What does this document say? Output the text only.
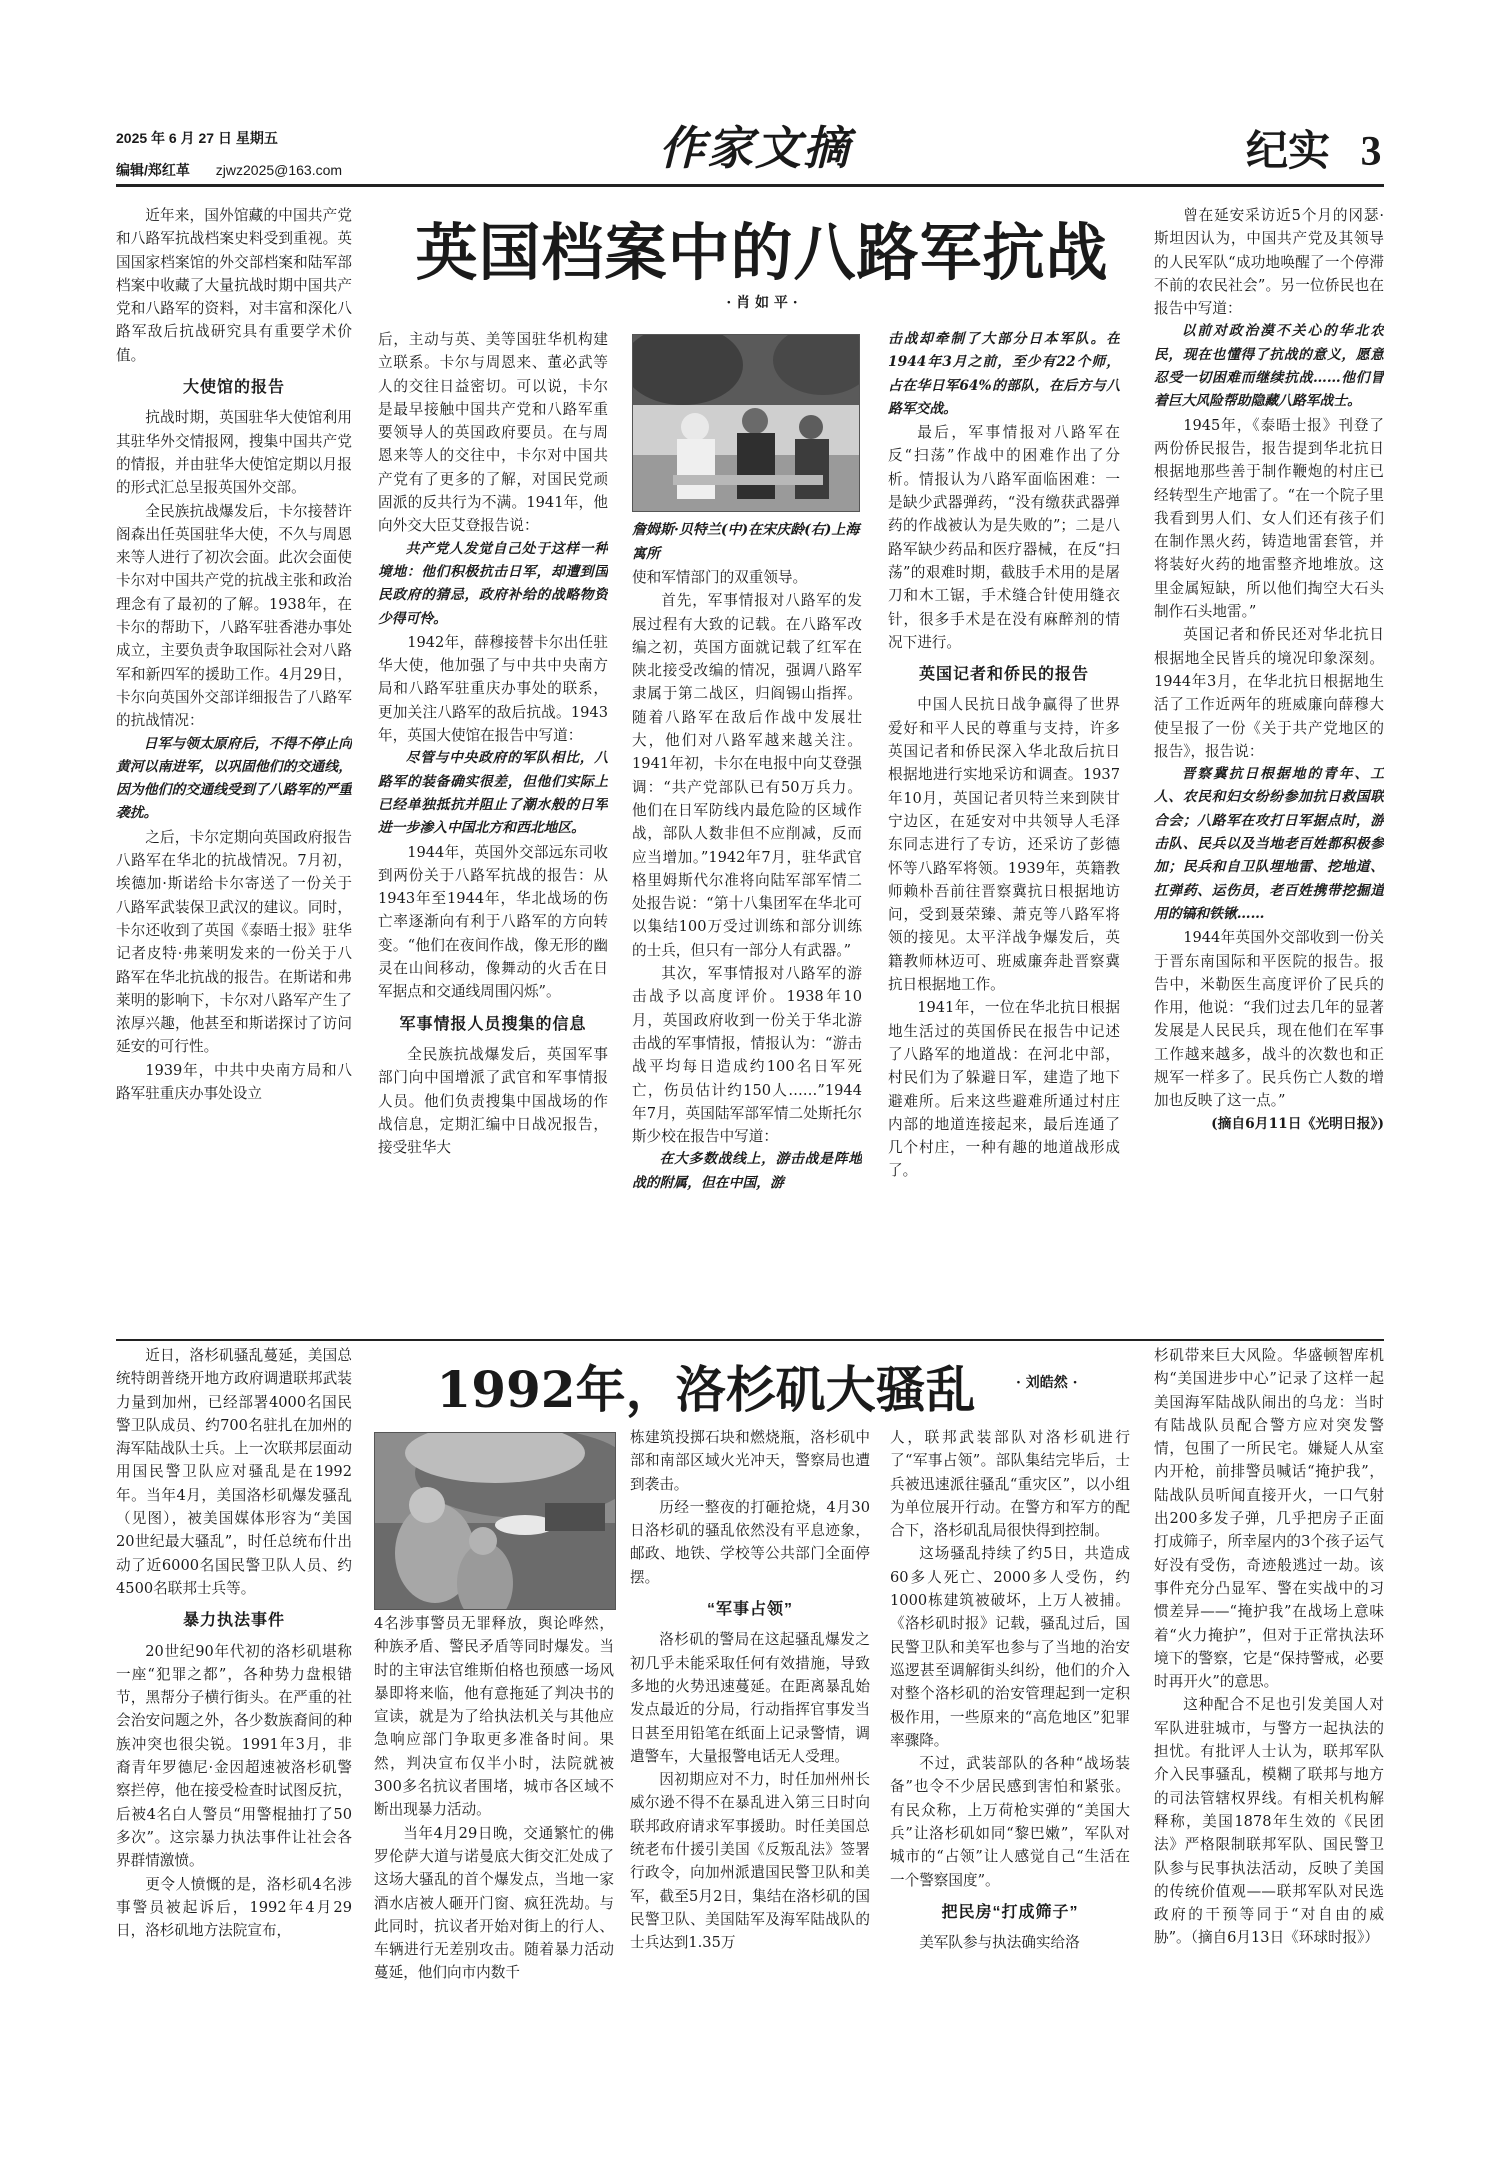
2025 年 6 月 27 日 星期五
编辑/郑红革 zjwz2025@163.com	作家文摘	纪实 3
英国档案中的八路军抗战
· 肖 如 平 ·

近年来，国外馆藏的中国共产党和八路军抗战档案史料受到重视。英国国家档案馆的外交部档案和陆军部档案中收藏了大量抗战时期中国共产党和八路军的资料，对丰富和深化八路军敌后抗战研究具有重要学术价值。

大使馆的报告

抗战时期，英国驻华大使馆利用其驻华外交情报网，搜集中国共产党的情报，并由驻华大使馆定期以月报的形式汇总呈报英国外交部。

全民族抗战爆发后，卡尔接替许阁森出任英国驻华大使，不久与周恩来等人进行了初次会面。此次会面使卡尔对中国共产党的抗战主张和政治理念有了最初的了解。1938年，在卡尔的帮助下，八路军驻香港办事处成立，主要负责争取国际社会对八路军和新四军的援助工作。4月29日，卡尔向英国外交部详细报告了八路军的抗战情况：

日军与领太原府后，不得不停止向黄河以南进军，以巩固他们的交通线，因为他们的交通线受到了八路军的严重袭扰。

之后，卡尔定期向英国政府报告八路军在华北的抗战情况。7月初，埃德加·斯诺给卡尔寄送了一份关于八路军武装保卫武汉的建议。同时，卡尔还收到了英国《泰晤士报》驻华记者皮特·弗莱明发来的一份关于八路军在华北抗战的报告。在斯诺和弗莱明的影响下，卡尔对八路军产生了浓厚兴趣，他甚至和斯诺探讨了访问延安的可行性。

1939年，中共中央南方局和八路军驻重庆办事处设立

后，主动与英、美等国驻华机构建立联系。卡尔与周恩来、董必武等人的交往日益密切。可以说，卡尔是最早接触中国共产党和八路军重要领导人的英国政府要员。在与周恩来等人的交往中，卡尔对中国共产党有了更多的了解，对国民党顽固派的反共行为不满。1941年，他向外交大臣艾登报告说：

共产党人发觉自己处于这样一种境地：他们积极抗击日军，却遭到国民政府的猜忌，政府补给的战略物资少得可怜。

1942年，薛穆接替卡尔出任驻华大使，他加强了与中共中央南方局和八路军驻重庆办事处的联系，更加关注八路军的敌后抗战。1943年，英国大使馆在报告中写道：

尽管与中央政府的军队相比，八路军的装备确实很差，但他们实际上已经单独抵抗并阻止了潮水般的日军进一步渗入中国北方和西北地区。

1944年，英国外交部远东司收到两份关于八路军抗战的报告：从1943年至1944年，华北战场的伤亡率逐渐向有利于八路军的方向转变。“他们在夜间作战，像无形的幽灵在山间移动，像舞动的火舌在日军据点和交通线周围闪烁”。

军事情报人员搜集的信息

全民族抗战爆发后，英国军事部门向中国增派了武官和军事情报人员。他们负责搜集中国战场的作战信息，定期汇编中日战况报告，接受驻华大

詹姆斯·贝特兰(中)在宋庆龄(右)上海寓所

使和军情部门的双重领导。

首先，军事情报对八路军的发展过程有大致的记载。在八路军改编之初，英国方面就记载了红军在陕北接受改编的情况，强调八路军隶属于第二战区，归阎锡山指挥。随着八路军在敌后作战中发展壮大，他们对八路军越来越关注。1941年初，卡尔在电报中向艾登强调：“共产党部队已有50万兵力。他们在日军防线内最危险的区域作战，部队人数非但不应削减，反而应当增加。”1942年7月，驻华武官格里姆斯代尔准将向陆军部军情二处报告说：“第十八集团军在华北可以集结100万受过训练和部分训练的士兵，但只有一部分人有武器。”

其次，军事情报对八路军的游击战予以高度评价。1938年10月，英国政府收到一份关于华北游击战的军事情报，情报认为：“游击战平均每日造成约100名日军死亡，伤员估计约150人……”1944年7月，英国陆军部军情二处斯托尔斯少校在报告中写道：

在大多数战线上，游击战是阵地战的附属，但在中国，游

击战却牵制了大部分日本军队。在1944年3月之前，至少有22个师，占在华日军64%的部队，在后方与八路军交战。

最后，军事情报对八路军在反“扫荡”作战中的困难作出了分析。情报认为八路军面临困难：一是缺少武器弹药，“没有缴获武器弹药的作战被认为是失败的”；二是八路军缺少药品和医疗器械，在反“扫荡”的艰难时期，截肢手术用的是屠刀和木工锯，手术缝合针使用缝衣针，很多手术是在没有麻醉剂的情况下进行。

英国记者和侨民的报告

中国人民抗日战争赢得了世界爱好和平人民的尊重与支持，许多英国记者和侨民深入华北敌后抗日根据地进行实地采访和调查。1937年10月，英国记者贝特兰来到陕甘宁边区，在延安对中共领导人毛泽东同志进行了专访，还采访了彭德怀等八路军将领。1939年，英籍教师赖朴吾前往晋察冀抗日根据地访问，受到聂荣臻、萧克等八路军将领的接见。太平洋战争爆发后，英籍教师林迈可、班威廉奔赴晋察冀抗日根据地工作。

1941年，一位在华北抗日根据地生活过的英国侨民在报告中记述了八路军的地道战：在河北中部，村民们为了躲避日军，建造了地下避难所。后来这些避难所通过村庄内部的地道连接起来，最后连通了几个村庄，一种有趣的地道战形成了。

曾在延安采访近5个月的冈瑟·斯坦因认为，中国共产党及其领导的人民军队“成功地唤醒了一个停滞不前的农民社会”。另一位侨民也在报告中写道：

以前对政治漠不关心的华北农民，现在也懂得了抗战的意义，愿意忍受一切困难而继续抗战……他们冒着巨大风险帮助隐藏八路军战士。

1945年，《泰晤士报》刊登了两份侨民报告，报告提到华北抗日根据地那些善于制作鞭炮的村庄已经转型生产地雷了。“在一个院子里我看到男人们、女人们还有孩子们在制作黑火药，铸造地雷套管，并将装好火药的地雷整齐地堆放。这里金属短缺，所以他们掏空大石头制作石头地雷。”

英国记者和侨民还对华北抗日根据地全民皆兵的境况印象深刻。1944年3月，在华北抗日根据地生活了工作近两年的班威廉向薛穆大使呈报了一份《关于共产党地区的报告》，报告说：

晋察冀抗日根据地的青年、工人、农民和妇女纷纷参加抗日救国联合会；八路军在攻打日军据点时，游击队、民兵以及当地老百姓都积极参加；民兵和自卫队埋地雷、挖地道、扛弹药、运伤员，老百姓携带挖掘道用的镐和铁锹……

1944年英国外交部收到一份关于晋东南国际和平医院的报告。报告中，米勒医生高度评价了民兵的作用，他说：“我们过去几年的显著发展是人民民兵，现在他们在军事工作越来越多，战斗的次数也和正规军一样多了。民兵伤亡人数的增加也反映了这一点。”

(摘自6月11日《光明日报》)

1992年，洛杉矶大骚乱	· 刘皓然 ·

近日，洛杉矶骚乱蔓延，美国总统特朗普绕开地方政府调遣联邦武装力量到加州，已经部署4000名国民警卫队成员、约700名驻扎在加州的海军陆战队士兵。上一次联邦层面动用国民警卫队应对骚乱是在1992年。当年4月，美国洛杉矶爆发骚乱（见图），被美国媒体形容为“美国20世纪最大骚乱”，时任总统布什出动了近6000名国民警卫队人员、约4500名联邦士兵等。

暴力执法事件

20世纪90年代初的洛杉矶堪称一座“犯罪之都”，各种势力盘根错节，黑帮分子横行街头。在严重的社会治安问题之外，各少数族裔间的种族冲突也很尖锐。1991年3月，非裔青年罗德尼·金因超速被洛杉矶警察拦停，他在接受检查时试图反抗，后被4名白人警员“用警棍抽打了50多次”。这宗暴力执法事件让社会各界群情激愤。

更令人愤慨的是，洛杉矶4名涉事警员被起诉后，1992年4月29日，洛杉矶地方法院宣布，

4名涉事警员无罪释放，舆论哗然，种族矛盾、警民矛盾等同时爆发。当时的主审法官维斯伯格也预感一场风暴即将来临，他有意拖延了判决书的宣读，就是为了给执法机关与其他应急响应部门争取更多准备时间。果然，判决宣布仅半小时，法院就被300多名抗议者围堵，城市各区域不断出现暴力活动。

当年4月29日晚，交通繁忙的佛罗伦萨大道与诺曼底大街交汇处成了这场大骚乱的首个爆发点，当地一家酒水店被人砸开门窗、疯狂洗劫。与此同时，抗议者开始对街上的行人、车辆进行无差别攻击。随着暴力活动蔓延，他们向市内数千

栋建筑投掷石块和燃烧瓶，洛杉矶中部和南部区域火光冲天，警察局也遭到袭击。

历经一整夜的打砸抢烧，4月30日洛杉矶的骚乱依然没有平息迹象，邮政、地铁、学校等公共部门全面停摆。

“军事占领”

洛杉矶的警局在这起骚乱爆发之初几乎未能采取任何有效措施，导致多地的火势迅速蔓延。在距离暴乱始发点最近的分局，行动指挥官事发当日甚至用铅笔在纸面上记录警情，调遣警车，大量报警电话无人受理。

因初期应对不力，时任加州州长威尔逊不得不在暴乱进入第三日时向联邦政府请求军事援助。时任美国总统老布什援引美国《反叛乱法》签署行政令，向加州派遣国民警卫队和美军，截至5月2日，集结在洛杉矶的国民警卫队、美国陆军及海军陆战队的士兵达到1.35万

人，联邦武装部队对洛杉矶进行了“军事占领”。部队集结完毕后，士兵被迅速派往骚乱“重灾区”，以小组为单位展开行动。在警方和军方的配合下，洛杉矶乱局很快得到控制。

这场骚乱持续了约5日，共造成60多人死亡、2000多人受伤，约1000栋建筑被破坏，上万人被捕。《洛杉矶时报》记载，骚乱过后，国民警卫队和美军也参与了当地的治安巡逻甚至调解街头纠纷，他们的介入对整个洛杉矶的治安管理起到一定积极作用，一些原来的“高危地区”犯罪率骤降。

不过，武装部队的各种“战场装备”也令不少居民感到害怕和紧张。有民众称，上万荷枪实弹的“美国大兵”让洛杉矶如同“黎巴嫩”，军队对城市的“占领”让人感觉自己“生活在一个警察国度”。

把民房“打成筛子”

美军队参与执法确实给洛

杉矶带来巨大风险。华盛顿智库机构“美国进步中心”记录了这样一起美国海军陆战队闹出的乌龙：当时有陆战队员配合警方应对突发警情，包围了一所民宅。嫌疑人从室内开枪，前排警员喊话“掩护我”，陆战队员听闻直接开火，一口气射出200多发子弹，几乎把房子正面打成筛子，所幸屋内的3个孩子运气好没有受伤，奇迹般逃过一劫。该事件充分凸显军、警在实战中的习惯差异——“掩护我”在战场上意味着“火力掩护”，但对于正常执法环境下的警察，它是“保持警戒，必要时再开火”的意思。

这种配合不足也引发美国人对军队进驻城市，与警方一起执法的担忧。有批评人士认为，联邦军队介入民事骚乱，模糊了联邦与地方的司法管辖权界线。有相关机构解释称，美国1878年生效的《民团法》严格限制联邦军队、国民警卫队参与民事执法活动，反映了美国的传统价值观——联邦军队对民选政府的干预等同于“对自由的威胁”。（摘自6月13日《环球时报》）
